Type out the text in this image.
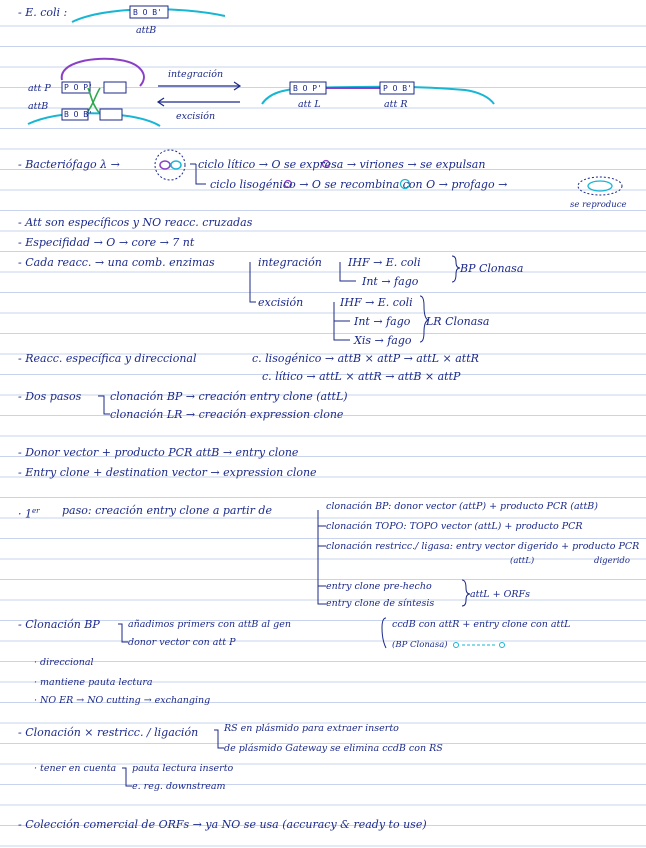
B O B'
P O P'
B O B'
B O P'	P O B'
- E. coli :
attB
att P
attB
integración
excisión
att L	att R
- Bacteriófago λ →	ciclo lítico → O se expresa → viriones → se expulsan
ciclo lisogénico → O se recombina con O → profago →
se reproduce
- Att son específicos y NO reacc. cruzadas
- Especifidad → O → core → 7 nt
- Cada reacc. → una comb. enzimas	integración IHF → E. coli	BP Clonasa
Int → fago
excisión	IHF → E. coli
Int → fago LR Clonasa
Xis → fago
- Reacc. específica y direccional	c. lisogénico → attB × attP → attL × attR
c. lítico → attL × attR → attB × attP
- Dos pasos	clonación BP → creación entry clone (attL)
clonación LR → creación expression clone
- Donor vector + producto PCR attB → entry clone
- Entry clone + destination vector → expression clone
· 1er paso: creación entry clone a partir de	clonación BP: donor vector (attP) + producto PCR (attB)
clonación TOPO: TOPO vector (attL) + producto PCR
clonación restricc./ ligasa: entry vector digerido + producto PCR
(attL)	digerido
entry clone pre-hecho
attL + ORFs
entry clone de síntesis
- Clonación BP	añadimos primers con attB al gen	ccdB con attR + entry clone con attL
donor vector con att P	(BP Clonasa)
· direccional
· mantiene pauta lectura
· NO ER → NO cutting → exchanging
- Clonación × restricc. / ligación	RS en plásmido para extraer inserto
de plásmido Gateway se elimina ccdB con RS
· tener en cuenta pauta lectura inserto
e. reg. downstream
- Colección comercial de ORFs → ya NO se usa (accuracy & ready to use)
